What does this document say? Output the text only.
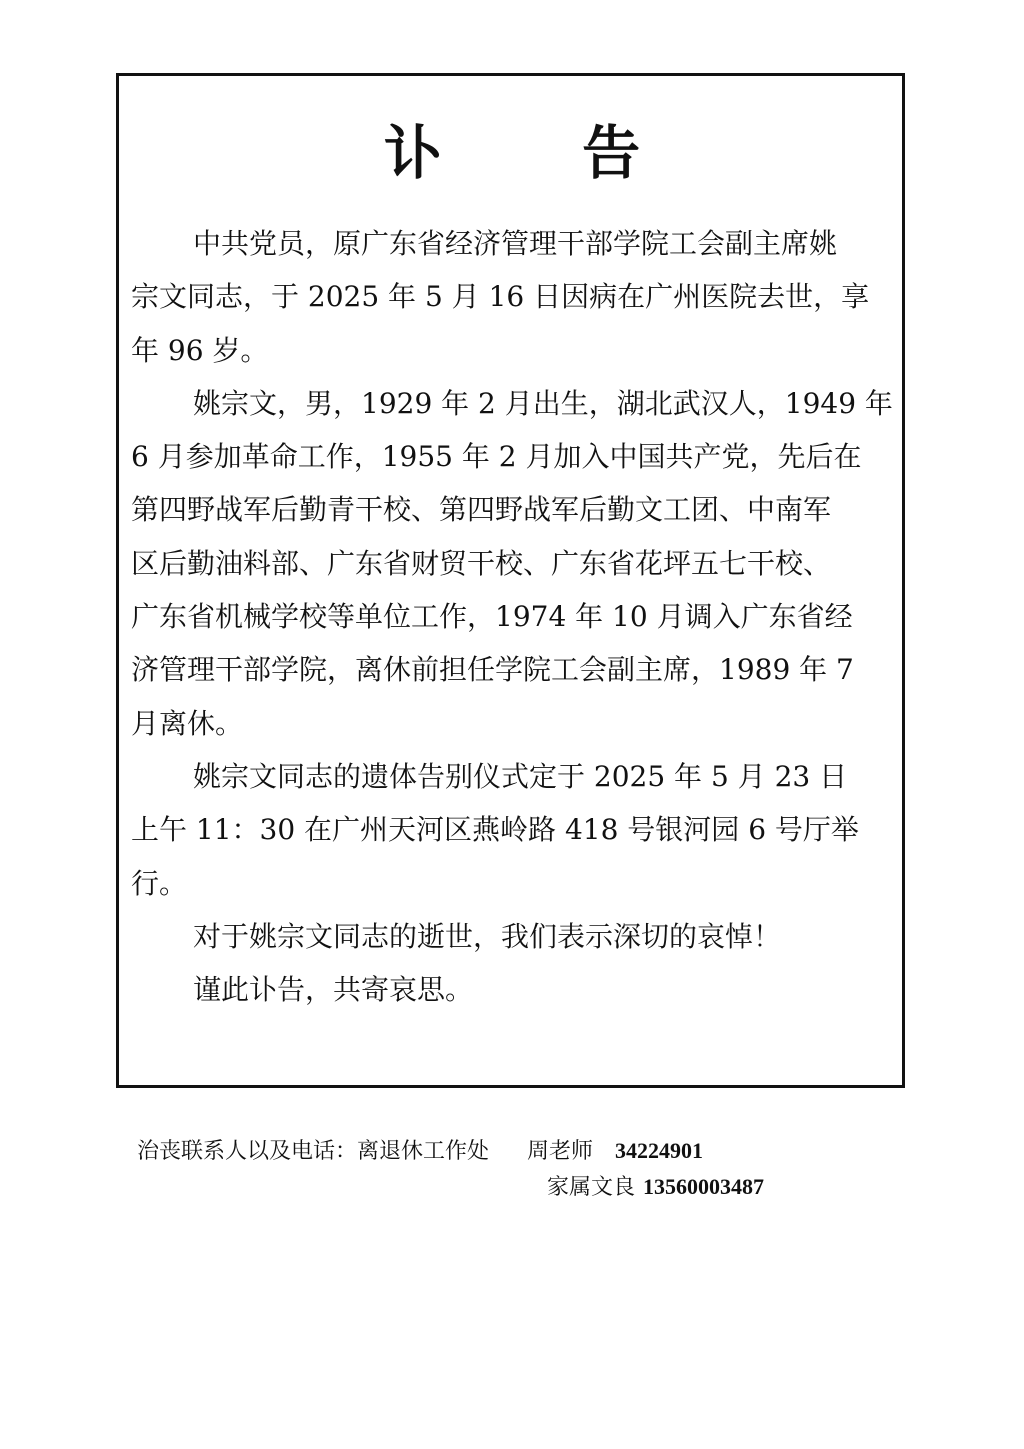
讣 告
中共党员，原广东省经济管理干部学院工会副主席姚
宗文同志，于 2025 年 5 月 16 日因病在广州医院去世，享
年 96 岁。
姚宗文，男，1929 年 2 月出生，湖北武汉人，1949 年
6 月参加革命工作，1955 年 2 月加入中国共产党，先后在
第四野战军后勤青干校、第四野战军后勤文工团、中南军
区后勤油料部、广东省财贸干校、广东省花坪五七干校、
广东省机械学校等单位工作，1974 年 10 月调入广东省经
济管理干部学院，离休前担任学院工会副主席，1989 年 7
月离休。
姚宗文同志的遗体告别仪式定于 2025 年 5 月 23 日
上午 11：30 在广州天河区燕岭路 418 号银河园 6 号厅举
行。
对于姚宗文同志的逝世，我们表示深切的哀悼！
谨此讣告，共寄哀思。
治丧联系人以及电话：离退休工作处 周老师 34224901
家属文良 13560003487
